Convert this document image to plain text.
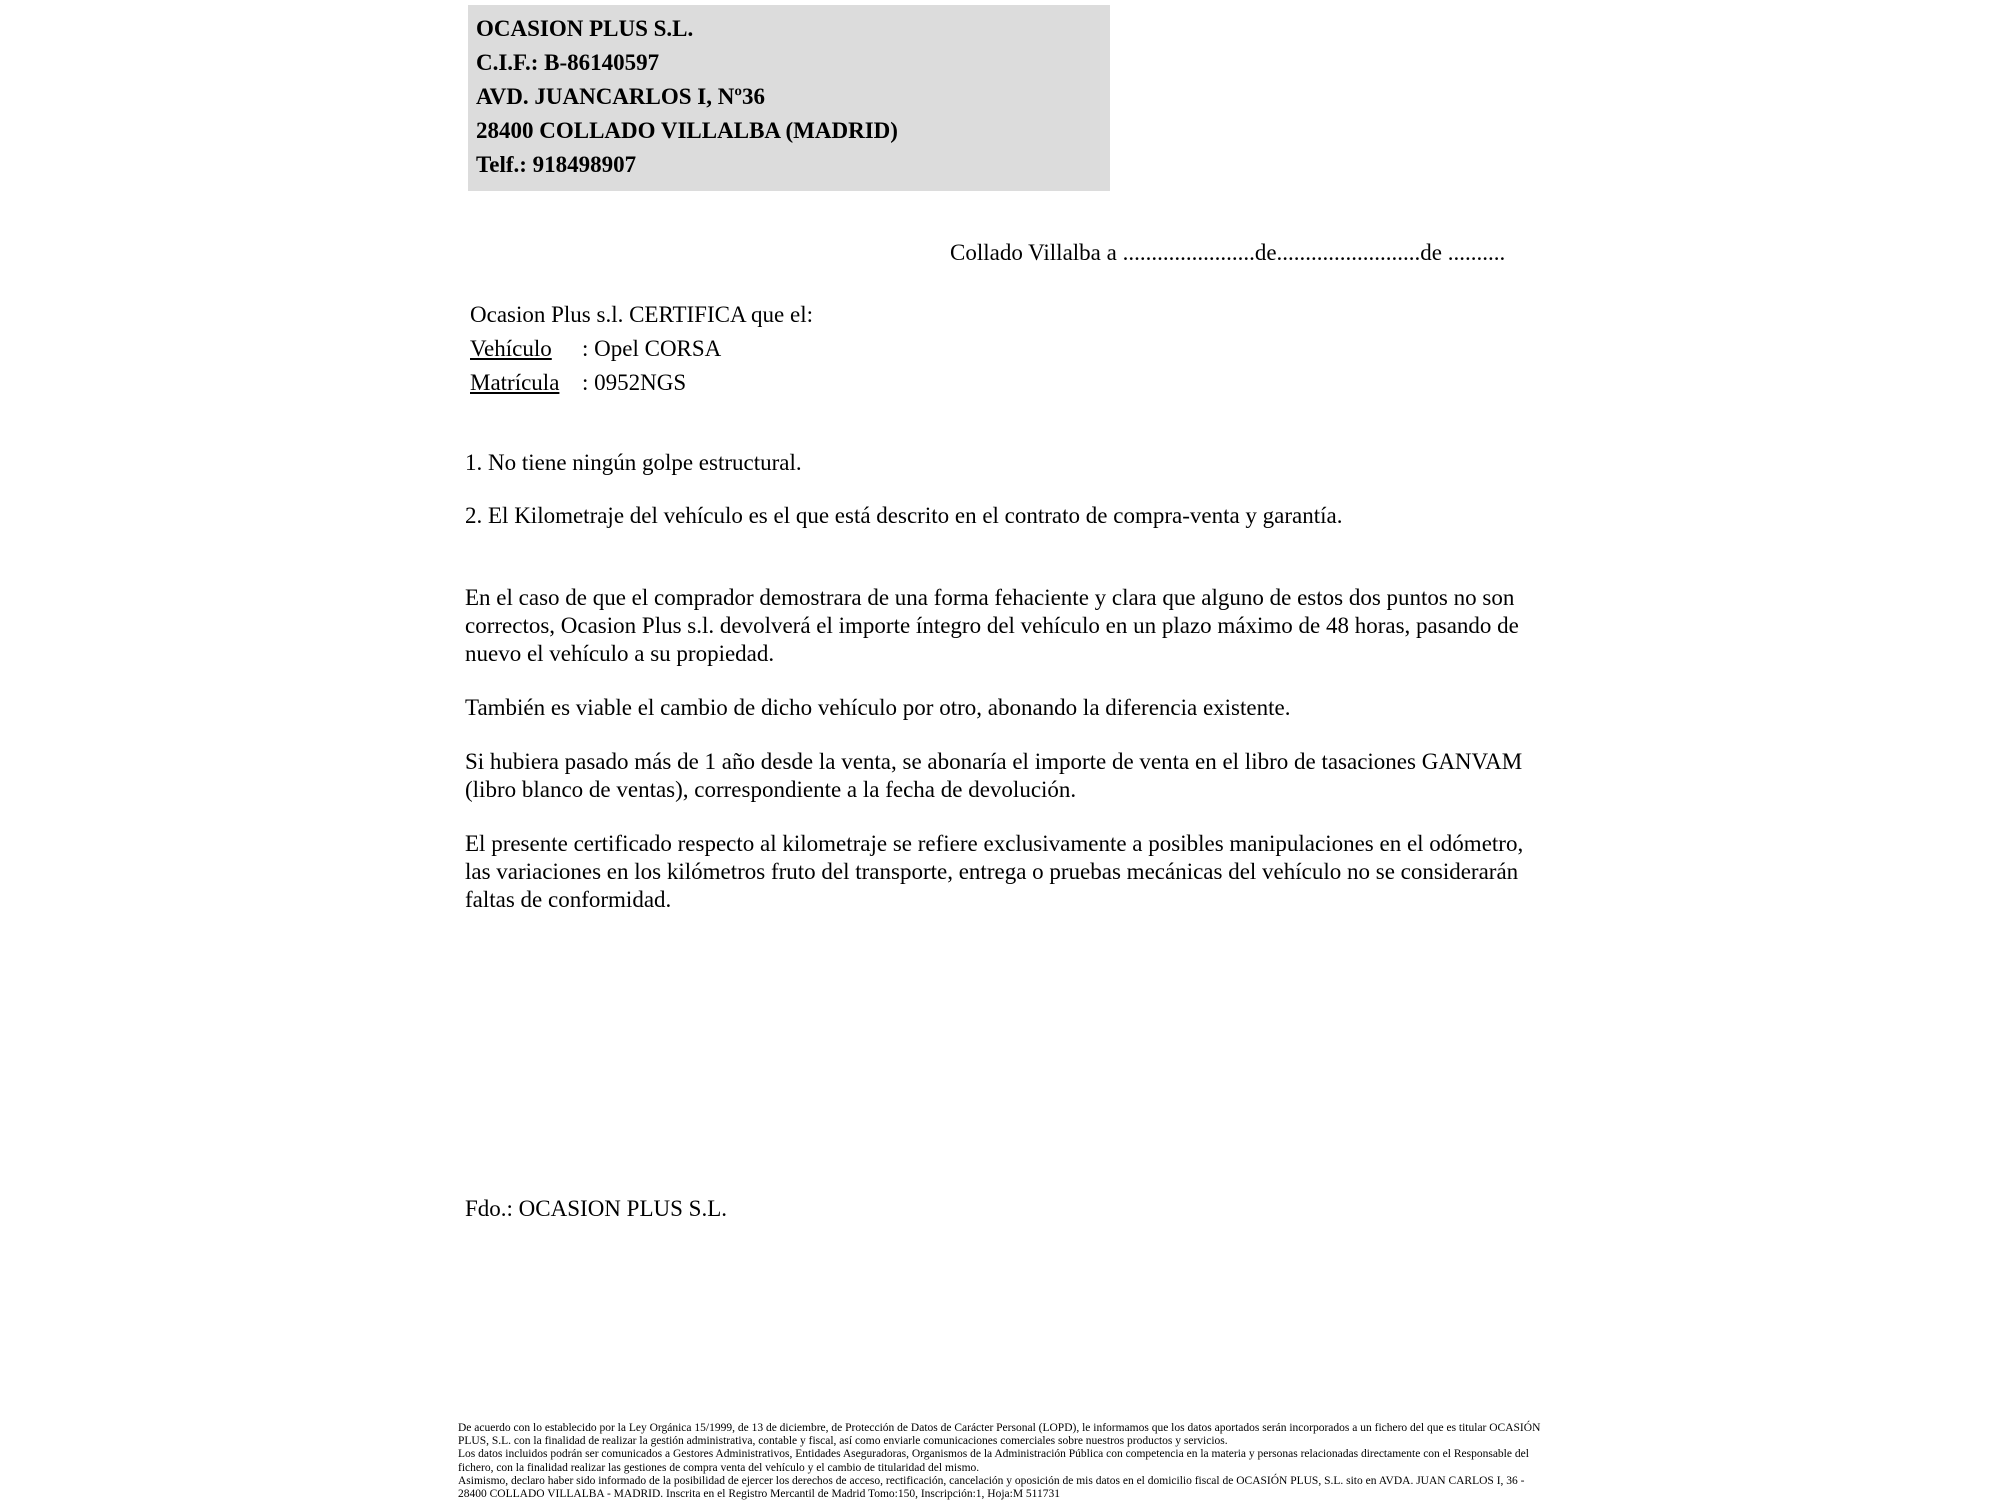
OCASION PLUS S.L.
C.I.F.: B-86140597
AVD. JUANCARLOS I, Nº36
28400 COLLADO VILLALBA (MADRID)
Telf.: 918498907
Collado Villalba a .......................de.........................de ..........
Ocasion Plus s.l. CERTIFICA que el:
Vehículo : Opel CORSA
Matrícula : 0952NGS
1. No tiene ningún golpe estructural.
2. El Kilometraje del vehículo es el que está descrito en el contrato de compra-venta y garantía.

En el caso de que el comprador demostrara de una forma fehaciente y clara que alguno de estos dos puntos no son correctos, Ocasion Plus s.l. devolverá el importe íntegro del vehículo en un plazo máximo de 48 horas, pasando de nuevo el vehículo a su propiedad.

También es viable el cambio de dicho vehículo por otro, abonando la diferencia existente.

Si hubiera pasado más de 1 año desde la venta, se abonaría el importe de venta en el libro de tasaciones GANVAM (libro blanco de ventas), correspondiente a la fecha de devolución.

El presente certificado respecto al kilometraje se refiere exclusivamente a posibles manipulaciones en el odómetro, las variaciones en los kilómetros fruto del transporte, entrega o pruebas mecánicas del vehículo no se considerarán faltas de conformidad.

Fdo.: OCASION PLUS S.L.

De acuerdo con lo establecido por la Ley Orgánica 15/1999, de 13 de diciembre, de Protección de Datos de Carácter Personal (LOPD), le informamos que los datos aportados serán incorporados a un fichero del que es titular OCASIÓN PLUS, S.L. con la finalidad de realizar la gestión administrativa, contable y fiscal, así como enviarle comunicaciones comerciales sobre nuestros productos y servicios.

Los datos incluidos podrán ser comunicados a Gestores Administrativos, Entidades Aseguradoras, Organismos de la Administración Pública con competencia en la materia y personas relacionadas directamente con el Responsable del fichero, con la finalidad realizar las gestiones de compra venta del vehículo y el cambio de titularidad del mismo.

Asimismo, declaro haber sido informado de la posibilidad de ejercer los derechos de acceso, rectificación, cancelación y oposición de mis datos en el domicilio fiscal de OCASIÓN PLUS, S.L. sito en AVDA. JUAN CARLOS I, 36 - 28400 COLLADO VILLALBA - MADRID. Inscrita en el Registro Mercantil de Madrid Tomo:150, Inscripción:1, Hoja:M 511731
